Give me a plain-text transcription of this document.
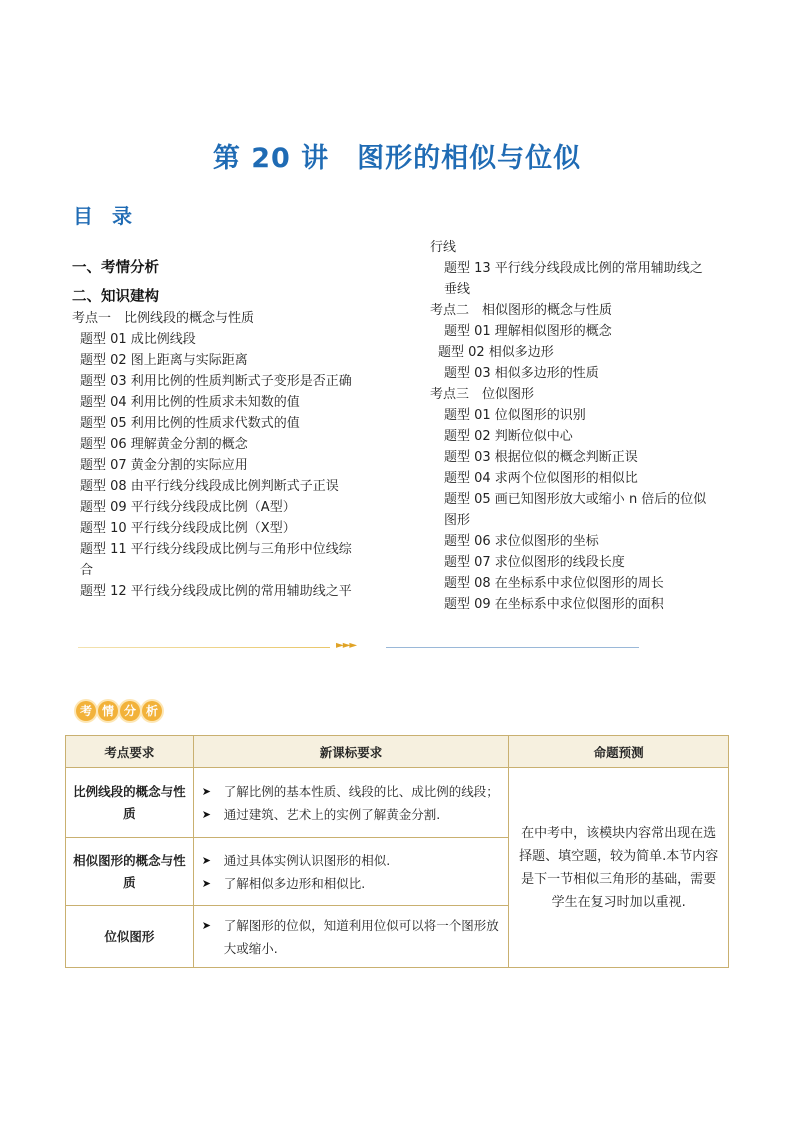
第 20 讲　图形的相似与位似
目 录
一、考情分析
二、知识建构
考点一　比例线段的概念与性质
题型 01 成比例线段
题型 02 图上距离与实际距离
题型 03 利用比例的性质判断式子变形是否正确
题型 04 利用比例的性质求未知数的值
题型 05 利用比例的性质求代数式的值
题型 06 理解黄金分割的概念
题型 07 黄金分割的实际应用
题型 08 由平行线分线段成比例判断式子正误
题型 09 平行线分线段成比例（A型）
题型 10 平行线分线段成比例（X型）
题型 11 平行线分线段成比例与三角形中位线综
合
题型 12 平行线分线段成比例的常用辅助线之平
行线
题型 13 平行线分线段成比例的常用辅助线之
垂线
考点二　相似图形的概念与性质
题型 01 理解相似图形的概念
题型 02 相似多边形
题型 03 相似多边形的性质
考点三　位似图形
题型 01 位似图形的识别
题型 02 判断位似中心
题型 03 根据位似的概念判断正误
题型 04 求两个位似图形的相似比
题型 05 画已知图形放大或缩小 n 倍后的位似
图形
题型 06 求位似图形的坐标
题型 07 求位似图形的线段长度
题型 08 在坐标系中求位似图形的周长
题型 09 在坐标系中求位似图形的面积
►►►
考 情 分 析
考点要求	新课标要求	命题预测
比例线段的概念与性质	➤ 了解比例的基本性质、线段的比、成比例的线段；
➤ 通过建筑、艺术上的实例了解黄金分割.	在中考中，该模块内容常出现在选择题、填空题，较为简单.本节内容是下一节相似三角形的基础，需要学生在复习时加以重视.
相似图形的概念与性质	➤ 通过具体实例认识图形的相似.
➤ 了解相似多边形和相似比.	

位似图形	➤ 了解图形的位似，知道利用位似可以将一个图形放大或缩小.	
